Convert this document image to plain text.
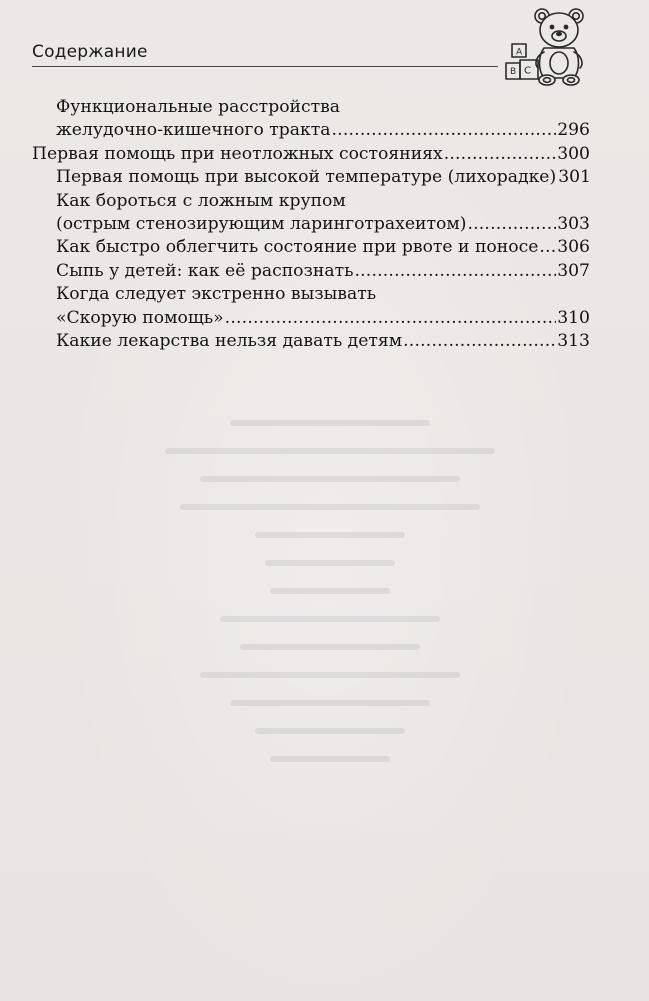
Содержание	A
B C
Функциональные расстройства
желудочно-кишечного тракта .....	296
Первая помощь при неотложных состояниях .....	300
Первая помощь при высокой температуре (лихорадке) 301
Как бороться с ложным крупом
(острым стенозирующим ларинготрахеитом) .....	303
Как быстро облегчить состояние при рвоте и поносе ..... 306
Сыпь у детей: как её распознать .....	307
Когда следует экстренно вызывать
«Скорую помощь» .....	310
Какие лекарства нельзя давать детям .....	313
